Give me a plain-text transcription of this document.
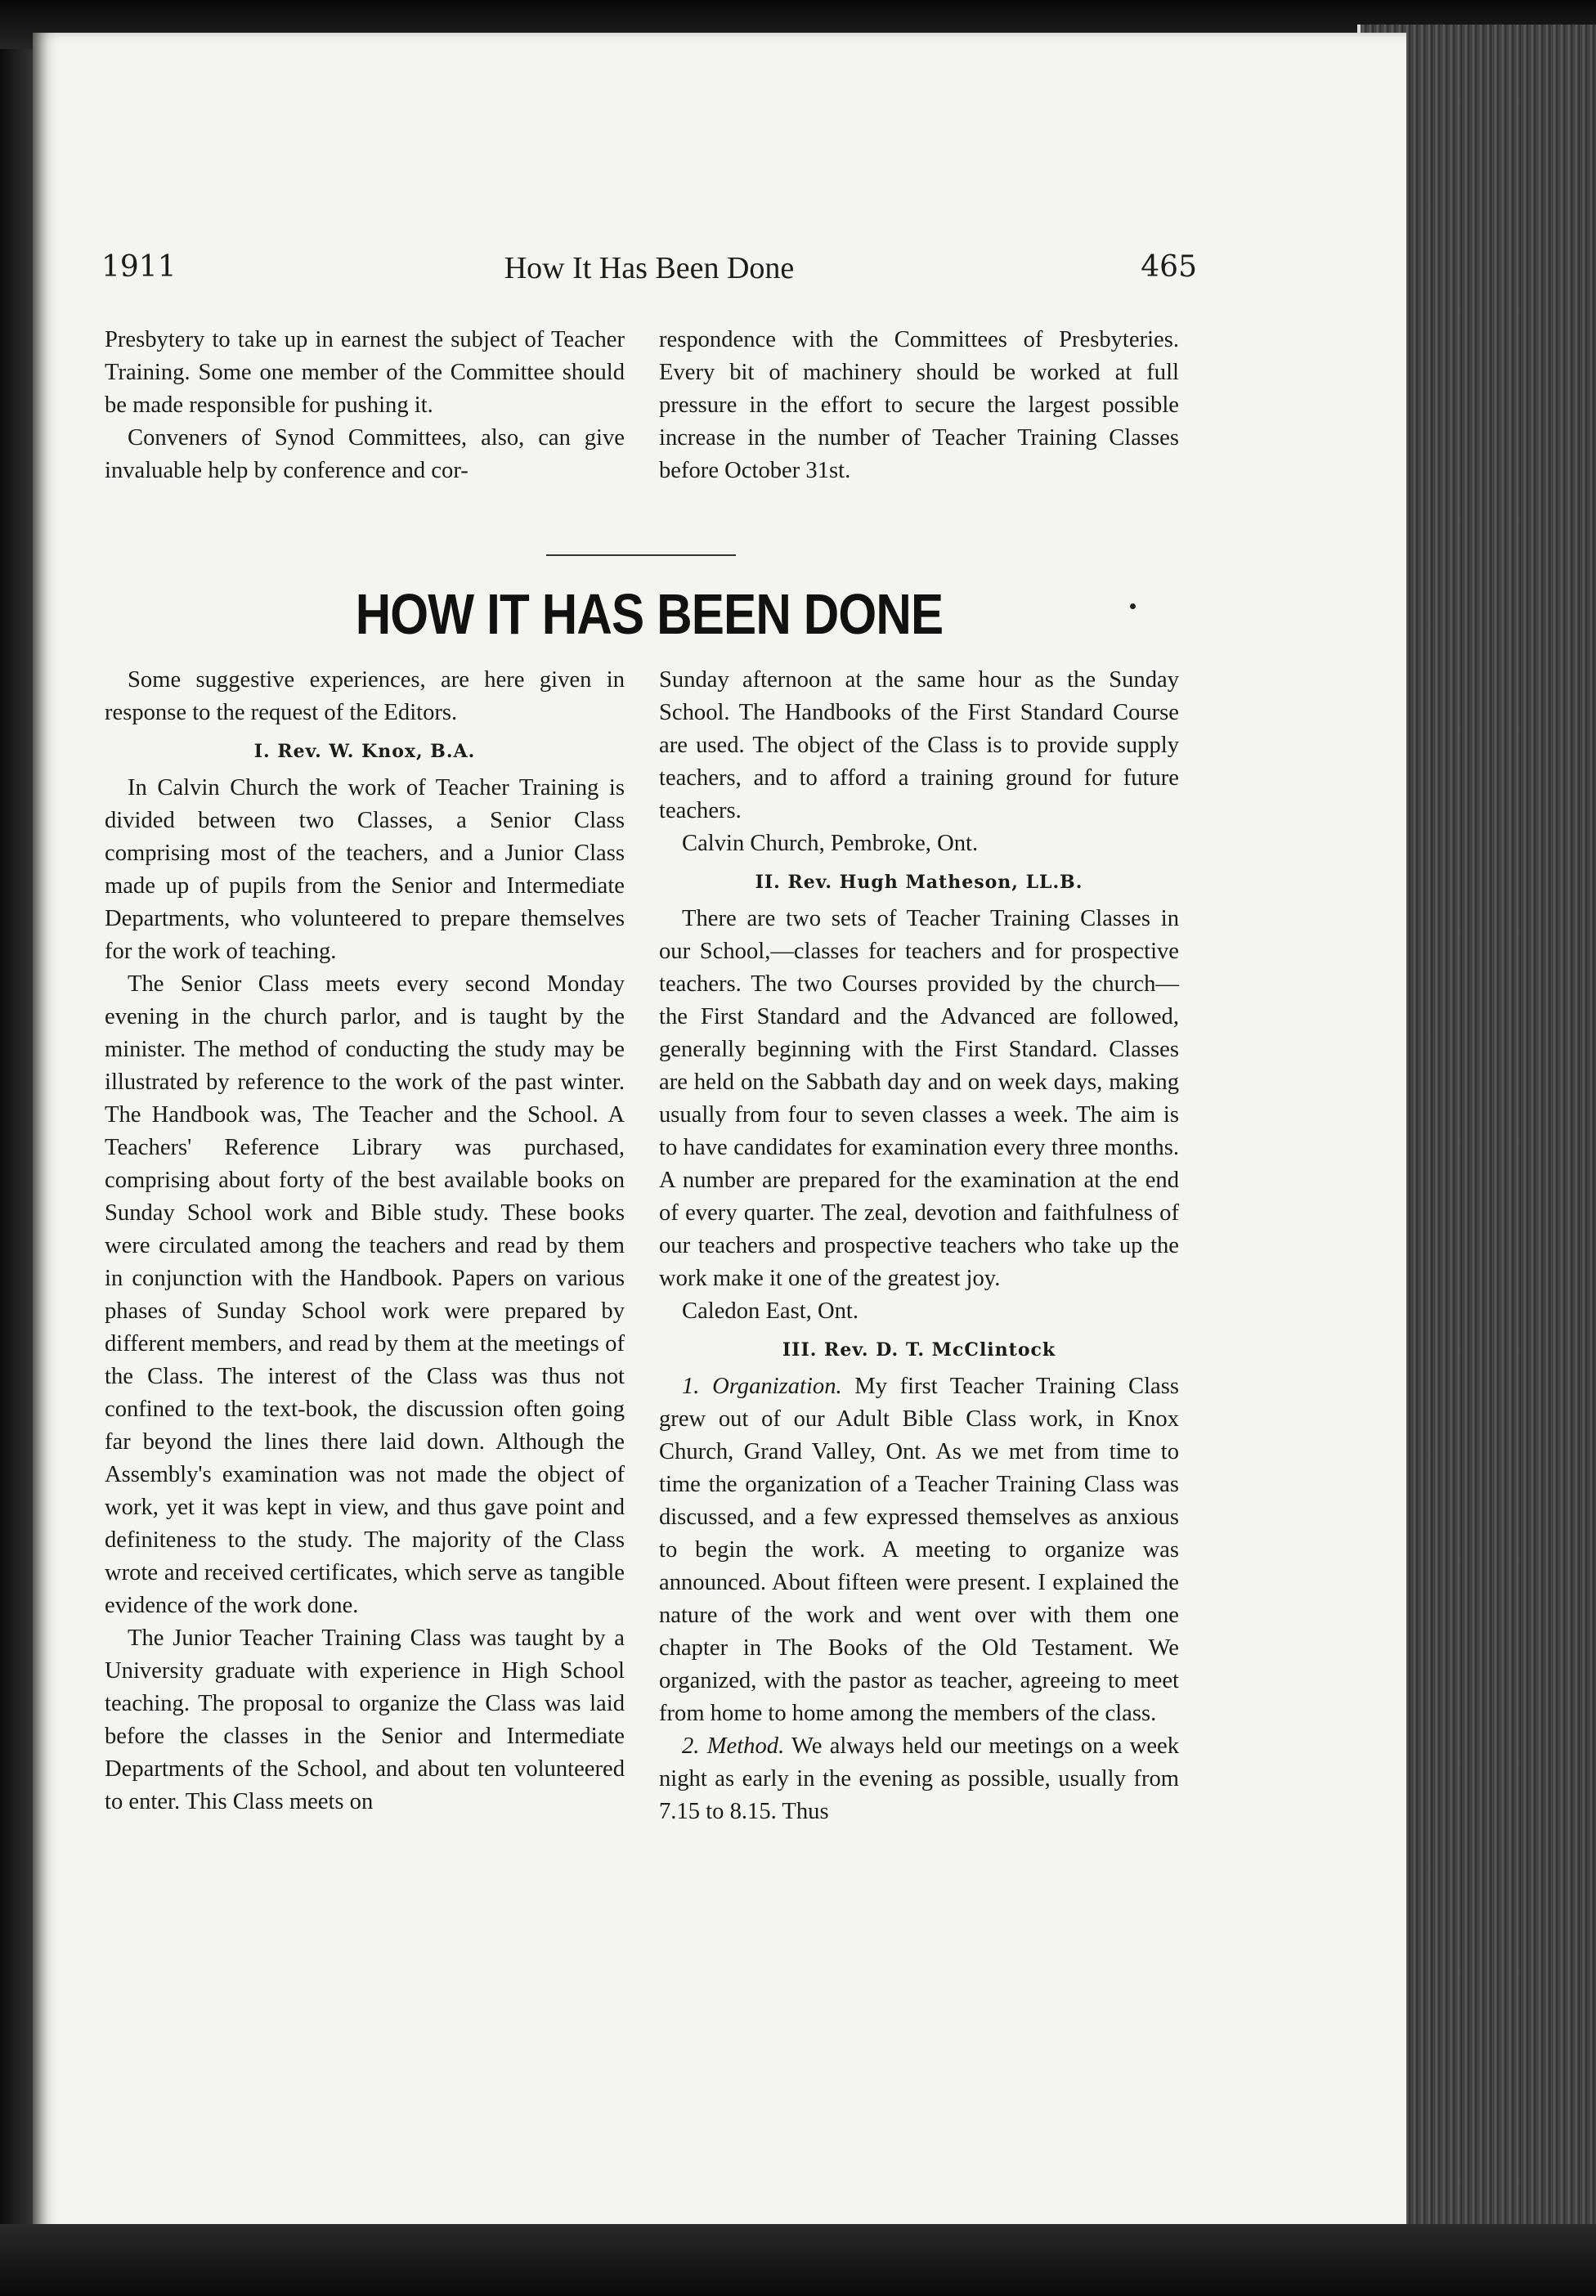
1911	How It Has Been Done	465

Presbytery to take up in earnest the subject of Teacher Training. Some one member of the Committee should be made responsible for pushing it.

Conveners of Synod Committees, also, can give invaluable help by conference and cor-

respondence with the Committees of Presbyteries. Every bit of machinery should be worked at full pressure in the effort to secure the largest possible increase in the number of Teacher Training Classes before October 31st.

HOW IT HAS BEEN DONE

Some suggestive experiences, are here given in response to the request of the Editors.

I. Rev. W. Knox, B.A.

In Calvin Church the work of Teacher Training is divided between two Classes, a Senior Class comprising most of the teachers, and a Junior Class made up of pupils from the Senior and Intermediate Departments, who volunteered to prepare themselves for the work of teaching.

The Senior Class meets every second Monday evening in the church parlor, and is taught by the minister. The method of conducting the study may be illustrated by reference to the work of the past winter. The Handbook was, The Teacher and the School. A Teachers' Reference Library was purchased, comprising about forty of the best available books on Sunday School work and Bible study. These books were circulated among the teachers and read by them in conjunction with the Handbook. Papers on various phases of Sunday School work were prepared by different members, and read by them at the meetings of the Class. The interest of the Class was thus not confined to the text-book, the discussion often going far beyond the lines there laid down. Although the Assembly's examination was not made the object of work, yet it was kept in view, and thus gave point and definiteness to the study. The majority of the Class wrote and received certificates, which serve as tangible evidence of the work done.

The Junior Teacher Training Class was taught by a University graduate with experience in High School teaching. The proposal to organize the Class was laid before the classes in the Senior and Intermediate Departments of the School, and about ten volunteered to enter. This Class meets on

Sunday afternoon at the same hour as the Sunday School. The Handbooks of the First Standard Course are used. The object of the Class is to provide supply teachers, and to afford a training ground for future teachers.

Calvin Church, Pembroke, Ont.

II. Rev. Hugh Matheson, LL.B.

There are two sets of Teacher Training Classes in our School,—classes for teachers and for prospective teachers. The two Courses provided by the church—the First Standard and the Advanced are followed, generally beginning with the First Standard. Classes are held on the Sabbath day and on week days, making usually from four to seven classes a week. The aim is to have candidates for examination every three months. A number are prepared for the examination at the end of every quarter. The zeal, devotion and faithfulness of our teachers and prospective teachers who take up the work make it one of the greatest joy.

Caledon East, Ont.

III. Rev. D. T. McClintock

1. Organization. My first Teacher Training Class grew out of our Adult Bible Class work, in Knox Church, Grand Valley, Ont. As we met from time to time the organization of a Teacher Training Class was discussed, and a few expressed themselves as anxious to begin the work. A meeting to organize was announced. About fifteen were present. I explained the nature of the work and went over with them one chapter in The Books of the Old Testament. We organized, with the pastor as teacher, agreeing to meet from home to home among the members of the class.

2. Method. We always held our meetings on a week night as early in the evening as possible, usually from 7.15 to 8.15. Thus
